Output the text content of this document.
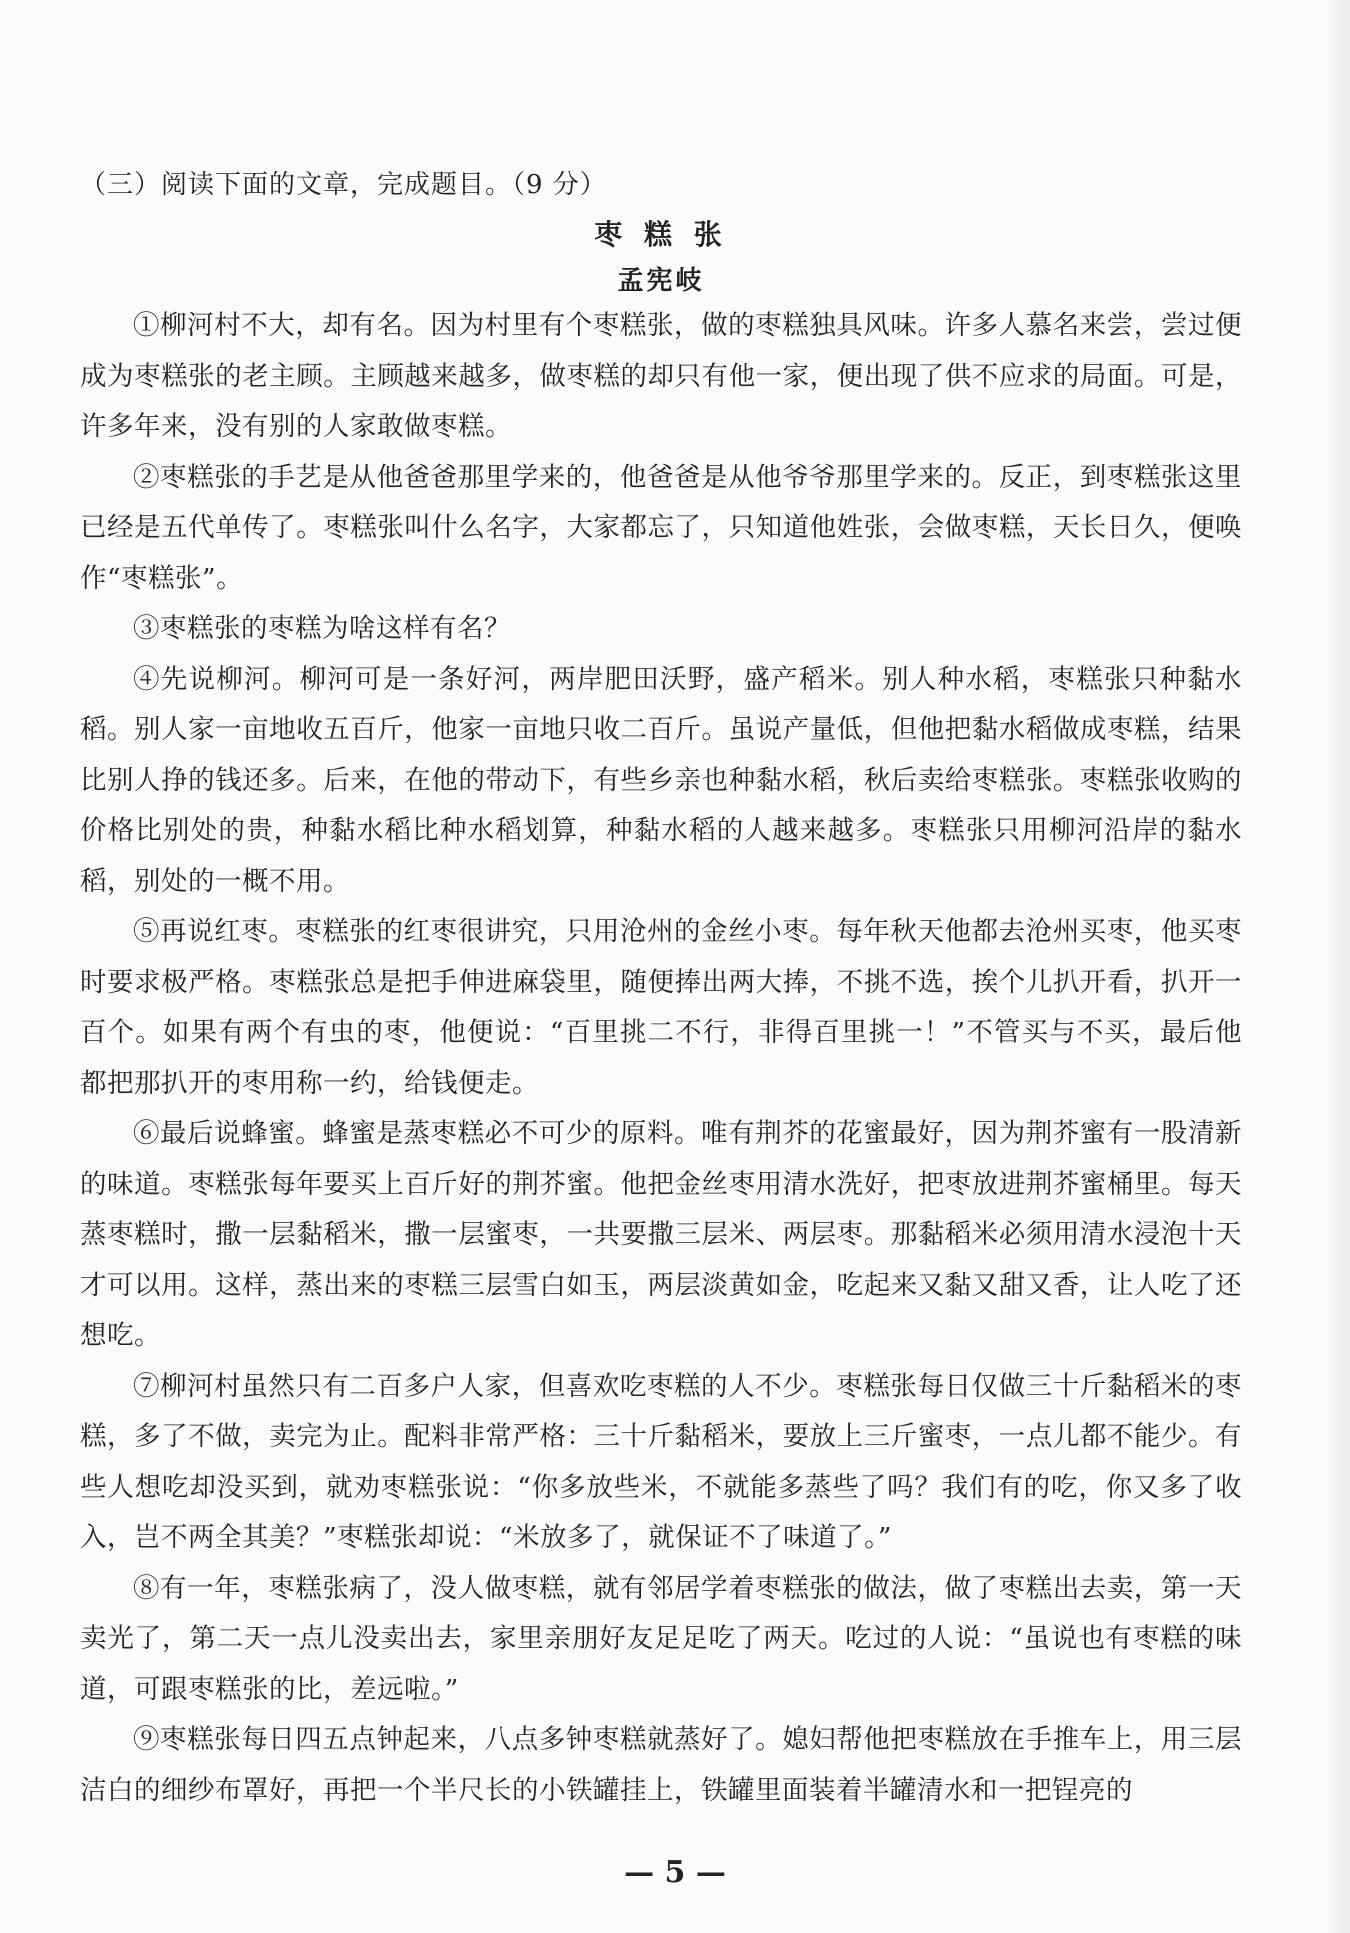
（三）阅读下面的文章，完成题目。（9 分）
枣 糕 张
孟宪岐

①柳河村不大，却有名。因为村里有个枣糕张，做的枣糕独具风味。许多人慕名来尝，尝过便成为枣糕张的老主顾。主顾越来越多，做枣糕的却只有他一家，便出现了供不应求的局面。可是，许多年来，没有别的人家敢做枣糕。

②枣糕张的手艺是从他爸爸那里学来的，他爸爸是从他爷爷那里学来的。反正，到枣糕张这里已经是五代单传了。枣糕张叫什么名字，大家都忘了，只知道他姓张，会做枣糕，天长日久，便唤作“枣糕张”。

③枣糕张的枣糕为啥这样有名？

④先说柳河。柳河可是一条好河，两岸肥田沃野，盛产稻米。别人种水稻，枣糕张只种黏水稻。别人家一亩地收五百斤，他家一亩地只收二百斤。虽说产量低，但他把黏水稻做成枣糕，结果比别人挣的钱还多。后来，在他的带动下，有些乡亲也种黏水稻，秋后卖给枣糕张。枣糕张收购的价格比别处的贵，种黏水稻比种水稻划算，种黏水稻的人越来越多。枣糕张只用柳河沿岸的黏水稻，别处的一概不用。

⑤再说红枣。枣糕张的红枣很讲究，只用沧州的金丝小枣。每年秋天他都去沧州买枣，他买枣时要求极严格。枣糕张总是把手伸进麻袋里，随便捧出两大捧，不挑不选，挨个儿扒开看，扒开一百个。如果有两个有虫的枣，他便说：“百里挑二不行，非得百里挑一！”不管买与不买，最后他都把那扒开的枣用称一约，给钱便走。

⑥最后说蜂蜜。蜂蜜是蒸枣糕必不可少的原料。唯有荆芥的花蜜最好，因为荆芥蜜有一股清新的味道。枣糕张每年要买上百斤好的荆芥蜜。他把金丝枣用清水洗好，把枣放进荆芥蜜桶里。每天蒸枣糕时，撒一层黏稻米，撒一层蜜枣，一共要撒三层米、两层枣。那黏稻米必须用清水浸泡十天才可以用。这样，蒸出来的枣糕三层雪白如玉，两层淡黄如金，吃起来又黏又甜又香，让人吃了还想吃。

⑦柳河村虽然只有二百多户人家，但喜欢吃枣糕的人不少。枣糕张每日仅做三十斤黏稻米的枣糕，多了不做，卖完为止。配料非常严格：三十斤黏稻米，要放上三斤蜜枣，一点儿都不能少。有些人想吃却没买到，就劝枣糕张说：“你多放些米，不就能多蒸些了吗？我们有的吃，你又多了收入，岂不两全其美？”枣糕张却说：“米放多了，就保证不了味道了。”

⑧有一年，枣糕张病了，没人做枣糕，就有邻居学着枣糕张的做法，做了枣糕出去卖，第一天卖光了，第二天一点儿没卖出去，家里亲朋好友足足吃了两天。吃过的人说：“虽说也有枣糕的味道，可跟枣糕张的比，差远啦。”

⑨枣糕张每日四五点钟起来，八点多钟枣糕就蒸好了。媳妇帮他把枣糕放在手推车上，用三层洁白的细纱布罩好，再把一个半尺长的小铁罐挂上，铁罐里面装着半罐清水和一把锃亮的

— 5 —
